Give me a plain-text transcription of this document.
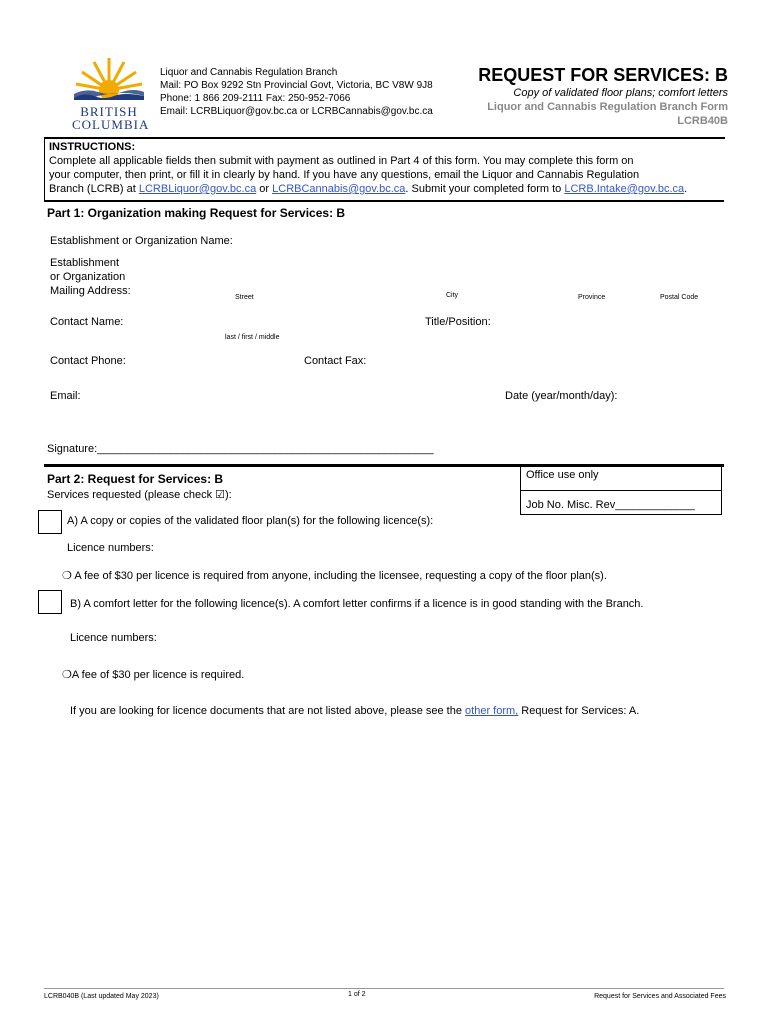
BRITISH
COLUMBIA
Liquor and Cannabis Regulation Branch
Mail: PO Box 9292 Stn Provincial Govt, Victoria, BC V8W 9J8
Phone: 1 866 209-2111 Fax: 250-952-7066
Email: LCRBLiquor@gov.bc.ca or LCRBCannabis@gov.bc.ca
REQUEST FOR SERVICES: B
Copy of validated floor plans; comfort letters
Liquor and Cannabis Regulation Branch Form
LCRB40B
INSTRUCTIONS:
Complete all applicable fields then submit with payment as outlined in Part 4 of this form. You may complete this form on
your computer, then print, or fill it in clearly by hand. If you have any questions, email the Liquor and Cannabis Regulation
Branch (LCRB) at LCRBLiquor@gov.bc.ca or LCRBCannabis@gov.bc.ca. Submit your completed form to LCRB.Intake@gov.bc.ca.
Part 1: Organization making Request for Services: B
Establishment or Organization Name:
Establishment
or Organization
Mailing Address:
Street	City	Province	Postal Code
Contact Name:
last / first / middle
Title/Position:
Contact Phone:	Contact Fax:
Email:	Date (year/month/day):
Signature:_______________________________________________________
Office use only
Job No. Misc. Rev_____________
Part 2: Request for Services: B
Services requested (please check ☑):
A) A copy or copies of the validated floor plan(s) for the following licence(s):
Licence numbers:
❍ A fee of $30 per licence is required from anyone, including the licensee, requesting a copy of the floor plan(s).
B) A comfort letter for the following licence(s). A comfort letter confirms if a licence is in good standing with the Branch.
Licence numbers:
❍A fee of $30 per licence is required.
If you are looking for licence documents that are not listed above, please see the other form, Request for Services: A.
LCRB040B (Last updated May 2023)	1 of 2	Request for Services and Associated Fees
